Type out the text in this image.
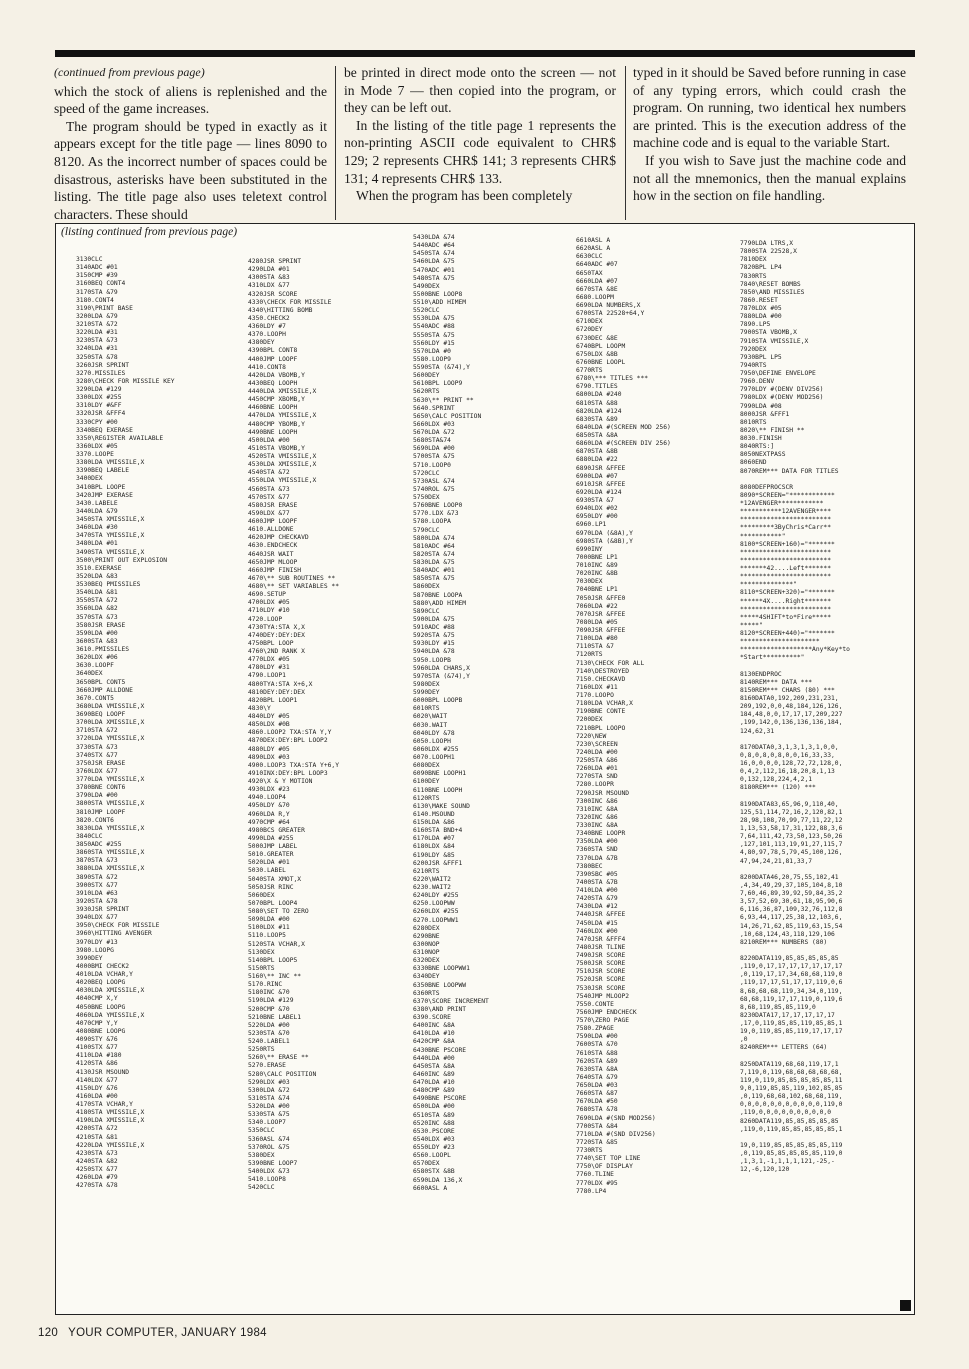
(continued from previous page)
which the stock of aliens is replenished and the speed of the game increases.

The program should be typed in exactly as it appears except for the title page — lines 8090 to 8120. As the incorrect number of spaces could be disastrous, asterisks have been substituted in the listing. The title page also uses teletext control characters. These should

be printed in direct mode onto the screen — not in Mode 7 — then copied into the program, or they can be left out.

In the listing of the title page 1 represents the non-printing ASCII code equivalent to CHR$ 129; 2 represents CHR$ 141; 3 represents CHR$ 131; 4 represents CHR$ 133.

When the program has been completely

typed in it should be Saved before running in case of any typing errors, which could crash the program. On running, two identical hex numbers are printed. This is the execution address of the machine code and is equal to the variable Start.

If you wish to Save just the machine code and not all the mnemonics, then the manual explains how in the section on file handling.

(listing continued from previous page)
3130CLC
3140ADC #01
3150CMP #39
3160BEQ CONT4
3170STA &79
3180.CONT4
3190\PRINT BASE
3200LDA &79
3210STA &72
3220LDA #31
3230STA &73
3240LDA #31
3250STA &78
3260JSR SPRINT
3270.MISSILES
3280\CHECK FOR MISSILE KEY
3290LDA #129
3300LDX #255
3310LDY #&FF
3320JSR &FFF4
3330CPY #00
3340BEQ EXERASE
3350\REGISTER AVAILABLE
3360LDX #05
3370.LOOPE
3380LDA VMISSILE,X
3390BEQ LABELE
3400DEX
3410BPL LOOPE
3420JMP EXERASE
3430.LABELE
3440LDA &79
3450STA XMISSILE,X
3460LDA #30
3470STA YMISSILE,X
3480LDA #01
3490STA VMISSILE,X
3500\PRINT OUT EXPLOSION
3510.EXERASE
3520LDA &83
3530BEQ PMISSILES
3540LDA &81
3550STA &72
3560LDA &82
3570STA &73
3580JSR ERASE
3590LDA #00
3600STA &83
3610.PMISSILES
3620LDX #06
3630.LOOPF
3640DEX
3650BPL CONT5
3660JMP ALLDONE
3670.CONT5
3680LDA VMISSILE,X
3690BEQ LOOPF
3700LDA XMISSILE,X
3710STA &72
3720LDA YMISSILE,X
3730STA &73
3740STX &77
3750JSR ERASE
3760LDX &77
3770LDA YMISSILE,X
3780BNE CONT6
3790LDA #00
3800STA VMISSILE,X
3810JMP LOOPF
3820.CONT6
3830LDA YMISSILE,X
3840CLC
3850ADC #255
3860STA YMISSILE,X
3870STA &73
3880LDA XMISSILE,X
3890STA &72
3900STX &77
3910LDA #63
3920STA &78
3930JSR SPRINT
3940LDX &77
3950\CHECK FOR MISSILE
3960\HITTING AVENGER
3970LDY #13
3980.LOOPG
3990DEY
4000BMI CHECK2
4010LDA VCHAR,Y
4020BEQ LOOPG
4030LDA XMISSILE,X
4040CMP X,Y
4050BNE LOOPG
4060LDA YMISSILE,X
4070CMP Y,Y
4080BNE LOOPG
4090STY &76
4100STX &77
4110LDA #180
4120STA &86
4130JSR MSOUND
4140LDX &77
4150LDY &76
4160LDA #00
4170STA VCHAR,Y
4180STA VMISSILE,X
4190LDA XMISSILE,X
4200STA &72
4210STA &81
4220LDA YMISSILE,X
4230STA &73
4240STA &82
4250STX &77
4260LDA #79
4270STA &78
4280JSR SPRINT
4290LDA #01
4300STA &83
4310LDX &77
4320JSR SCORE
4330\CHECK FOR MISSILE
4340\HITTING BOMB
4350.CHECK2
4360LDY #7
4370.LOOPH
4380DEY
4390BPL CONT8
4400JMP LOOPF
4410.CONT8
4420LDA VBOMB,Y
4430BEQ LOOPH
4440LDA XMISSILE,X
4450CMP XBOMB,Y
4460BNE LOOPH
4470LDA YMISSILE,X
4480CMP YBOMB,Y
4490BNE LOOPH
4500LDA #00
4510STA VBOMB,Y
4520STA VMISSILE,X
4530LDA XMISSILE,X
4540STA &72
4550LDA YMISSILE,X
4560STA &73
4570STX &77
4580JSR ERASE
4590LDX &77
4600JMP LOOPF
4610.ALLDONE
4620JMP CHECKAVD
4630.ENDCHECK
4640JSR WAIT
4650JMP MLOOP
4660JMP FINISH
4670\** SUB ROUTINES **
4680\** SET VARIABLES **
4690.SETUP
4700LDX #05
4710LDY #10
4720.LOOP
4730TYA:STA X,X
4740DEY:DEY:DEX
4750BPL LOOP
4760\2ND RANK X
4770LDX #05
4780LDY #31
4790.LOOP1
4800TYA:STA X+6,X
4810DEY:DEY:DEX
4820BPL LOOP1
4830\Y
4840LDY #05
4850LDX #0B
4860.LOOP2 TXA:STA Y,Y
4870DEX:DEY:BPL LOOP2
4880LDY #05
4890LDX #03
4900.LOOP3 TXA:STA Y+6,Y
4910INX:DEY:BPL LOOP3
4920\X & Y MOTION
4930LDX #23
4940.LOOP4
4950LDY &70
4960LDA R,Y
4970CMP #64
4980BCS GREATER
4990LDA #255
5000JMP LABEL
5010.GREATER
5020LDA #01
5030.LABEL
5040STA XMOT,X
5050JSR RINC
5060DEX
5070BPL LOOP4
5080\SET TO ZERO
5090LDA #00
5100LDX #11
5110.LOOP5
5120STA VCHAR,X
5130DEX
5140BPL LOOP5
5150RTS
5160\** INC **
5170.RINC
5180INC &70
5190LDA #129
5200CMP &70
5210BNE LABEL1
5220LDA #00
5230STA &70
5240.LABEL1
5250RTS
5260\** ERASE **
5270.ERASE
5280\CALC POSITION
5290LDX #03
5300LDA &72
5310STA &74
5320LDA #00
5330STA &75
5340.LOOP7
5350CLC
5360ASL &74
5370ROL &75
5380DEX
5390BNE LOOP7
5400LDX &73
5410.LOOP8
5420CLC
5430LDA &74
5440ADC #64
5450STA &74
5460LDA &75
5470ADC #01
5480STA &75
5490DEX
5500BNE LOOP8
5510\ADD HIMEM
5520CLC
5530LDA &75
5540ADC #88
5550STA &75
5560LDY #15
5570LDA #0
5580.LOOP9
5590STA (&74),Y
5600DEY
5610BPL LOOP9
5620RTS
5630\** PRINT **
5640.SPRINT
5650\CALC POSITION
5660LDX #03
5670LDA &72
5680STA&74
5690LDA #00
5700STA &75
5710.LOOP0
5720CLC
5730ASL &74
5740ROL &75
5750DEX
5760BNE LOOP0
5770.LDX &73
5780.LOOPA
5790CLC
5800LDA &74
5810ADC #64
5820STA &74
5830LDA &75
5840ADC #01
5850STA &75
5860DEX
5870BNE LOOPA
5880\ADD HIMEM
5890CLC
5900LDA &75
5910ADC #88
5920STA &75
5930LDY #15
5940LDA &78
5950.LOOPB
5960LDA CHARS,X
5970STA (&74),Y
5980DEX
5990DEY
6000BPL LOOPB
6010RTS
6020\WAIT
6030.WAIT
6040LDY &78
6050.LOOPH
6060LDX #255
6070.LOOPH1
6080DEX
6090BNE LOOPH1
6100DEY
6110BNE LOOPH
6120RTS
6130\MAKE SOUND
6140.MSOUND
6150LDA &86
6160STA BND+4
6170LDA #07
6180LDX &84
6190LDY &85
6200JSR &FFF1
6210RTS
6220\WAIT2
6230.WAIT2
6240LDY #255
6250.LOOPWW
6260LDX #255
6270.LOOPWW1
6280DEX
6290BNE
6300NOP
6310NOP
6320DEX
6330BNE LOOPWW1
6340DEY
6350BNE LOOPWW
6360RTS
6370\SCORE INCREMENT
6380\AND PRINT
6390.SCORE
6400INC &8A
6410LDA #10
6420CMP &8A
6430BNE PSCORE
6440LDA #00
6450STA &8A
6460INC &89
6470LDA #10
6480CMP &89
6490BNE PSCORE
6500LDA #00
6510STA &89
6520INC &88
6530.PSCORE
6540LDX #03
6550LDY #23
6560.LOOPL
6570DEX
6580STX &8B
6590LDA 136,X
6600ASL A
6610ASL A
6620ASL A
6630CLC
6640ADC #07
6650TAX
6660LDA #07
6670STA &8E
6680.LOOPM
6690LDA NUMBERS,X
6700STA 22528+64,Y
6710DEX
6720DEY
6730DEC &8E
6740BPL LOOPM
6750LDX &8B
6760BNE LOOPL
6770RTS
6780\*** TITLES ***
6790.TITLES
6800LDA #240
6810STA &88
6820LDA #124
6830STA &89
6840LDA #(SCREEN MOD 256)
6850STA &8A
6860LDA #(SCREEN DIV 256)
6870STA &8B
6880LDA #22
6890JSR &FFEE
6900LDA #07
6910JSR &FFEE
6920LDA #124
6930STA &7
6940LDX #02
6950LDY #00
6960.LP1
6970LDA (&8A),Y
6980STA (&8B),Y
6990INY
7000BNE LP1
7010INC &89
7020INC &8B
7030DEX
7040BNE LP1
7050JSR &FFE0
7060LDA #22
7070JSR &FFEE
7080LDA #05
7090JSR &FFEE
7100LDA #80
7110STA &7
7120RTS
7130\CHECK FOR ALL
7140\DESTROYED
7150.CHECKAVD
7160LDX #11
7170.LOOPO
7180LDA VCHAR,X
7190BNE CONTE
7200DEX
7210BPL LOOPO
7220\NEW
7230\SCREEN
7240LDA #00
7250STA &86
7260LDA #01
7270STA SND
7280.LOOPR
7290JSR MSOUND
7300INC &86
7310INC &8A
7320INC &86
7330INC &8A
7340BNE LOOPR
7350LDA #00
7360STA SND
7370LDA &7B
7380BEC
7390SBC #05
7400STA &7B
7410LDA #00
7420STA &79
7430LDA #12
7440JSR &FFEE
7450LDA #15
7460LDX #00
7470JSR &FFF4
7480JSR TLINE
7490JSR SCORE
7500JSR SCORE
7510JSR SCORE
7520JSR SCORE
7530JSR SCORE
7540JMP MLOOP2
7550.CONTE
7560JMP ENDCHECK
7570\ZERO PAGE
7580.ZPAGE
7590LDA #00
7600STA &70
7610STA &88
7620STA &89
7630STA &8A
7640STA &79
7650LDA #03
7660STA &87
7670LDA #50
7680STA &78
7690LDA #(SND MOD256)
7700STA &84
7710LDA #(SND DIV256)
7720STA &85
7730RTS
7740\SET TOP LINE
7750\OF DISPLAY
7760.TLINE
7770LDX #95
7780.LP4
7790LDA LTRS,X
7800STA 22528,X
7810DEX
7820BPL LP4
7830RTS
7840\RESET BOMBS
7850\AND MISSILES
7860.RESET
7870LDX #05
7880LDA #00
7890.LP5
7900STA VBOMB,X
7910STA VMISSILE,X
7920DEX
7930BPL LP5
7940RTS
7950\DEFINE ENVELOPE
7960.DENV
7970LDY #(DENV DIV256)
7980LDX #(DENV MOD256)
7990LDA #08
8000JSR &FFF1
8010RTS
8020\** FINISH **
8030.FINISH
8040RTS:]
8050NEXTPASS
8060END
8070REM*** DATA FOR TITLES

8080DEFPROCSCR
8090*SCREEN="************
*12AVENGER************
***********12AVENGER****
************************
*********3ByChris*Carr**
***********"
8100*SCREEN+160)="*******
************************
************************
*******42....Left*******
************************
**************"
8110*SCREEN+320)="*******
******4X....Right*******
************************
*****4SHIFT*to*Fire*****
*****"
8120*SCREEN+440)="*******
*********************
*******************Any*Key*to
*Start**********"

8130ENDPROC
8140REM*** DATA ***
8150REM*** CHARS (80) ***
8160DATA0,192,209,231,231,
209,192,0,0,48,184,126,126,
184,48,0,0,17,17,17,209,227
,199,142,0,136,136,136,184,
124,62,31

8170DATA0,3,1,3,1,3,1,0,0,
0,8,0,8,0,8,0,0,16,33,33,
16,0,0,0,0,128,72,72,128,0,
0,4,2,112,16,18,20,8,1,13
0,132,128,224,4,2,1
8180REM*** (120) ***

8190DATA83,65,96,9,110,40,
125,51,114,72,16,2,120,82,1
28,98,108,70,99,77,11,22,12
1,13,53,58,17,31,122,88,3,6
7,64,111,42,73,50,123,50,26
,127,101,113,19,91,27,115,7
4,80,97,78,5,79,45,100,126,
47,94,24,21,81,33,7

8200DATA46,20,75,55,102,41
,4,34,49,29,37,105,104,8,10
7,60,46,89,39,92,59,84,35,2
3,57,52,69,30,61,18,95,90,6
6,116,36,87,109,32,76,112,8
6,93,44,117,25,38,12,103,6,
14,26,71,62,85,119,63,15,54
,10,68,124,43,118,129,106
8210REM*** NUMBERS (80)

8220DATA119,85,85,85,85,85
,119,0,17,17,17,17,17,17,17
,0,119,17,17,34,68,68,119,0
,119,17,17,51,17,17,119,0,6
8,68,68,68,119,34,34,0,119,
68,68,119,17,17,119,0,119,6
8,68,119,85,85,119,0
8230DATA17,17,17,17,17,17
,17,0,119,85,85,119,85,85,1
19,0,119,85,85,119,17,17,17
,0
8240REM*** LETTERS (64)

8250DATA119,68,68,119,17,1
7,119,0,119,68,68,68,68,68,
119,0,119,85,85,85,85,85,11
9,0,119,85,85,119,102,85,85
,0,119,68,68,102,68,68,119,
0,0,0,0,0,0,0,0,0,0,0,119,0
,119,0,0,0,0,0,0,0,0,0,0
8260DATA119,85,85,85,85,85
,119,0,119,85,85,85,85,85,1

19,0,119,85,85,85,85,85,119
,0,119,85,85,85,85,85,119,0
,1,3,1,-1,1,1,1,121,-25,-
12,-6,120,120
120 YOUR COMPUTER, JANUARY 1984
